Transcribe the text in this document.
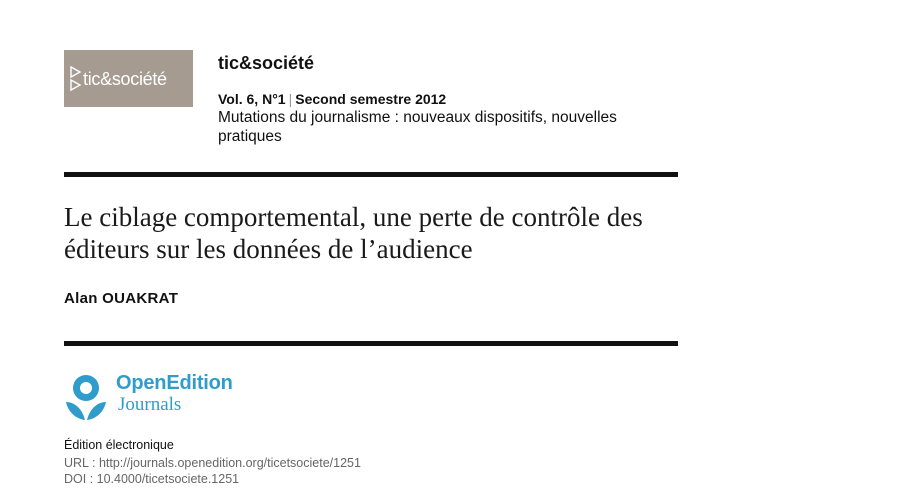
tic&société
tic&société
Vol. 6, N°1 | Second semestre 2012
Mutations du journalisme : nouveaux dispositifs, nouvelles pratiques
Le ciblage comportemental, une perte de contrôle des éditeurs sur les données de l’audience
Alan OUAKRAT
OpenEdition
Journals
Édition électronique
URL : http://journals.openedition.org/ticetsociete/1251
DOI : 10.4000/ticetsociete.1251
